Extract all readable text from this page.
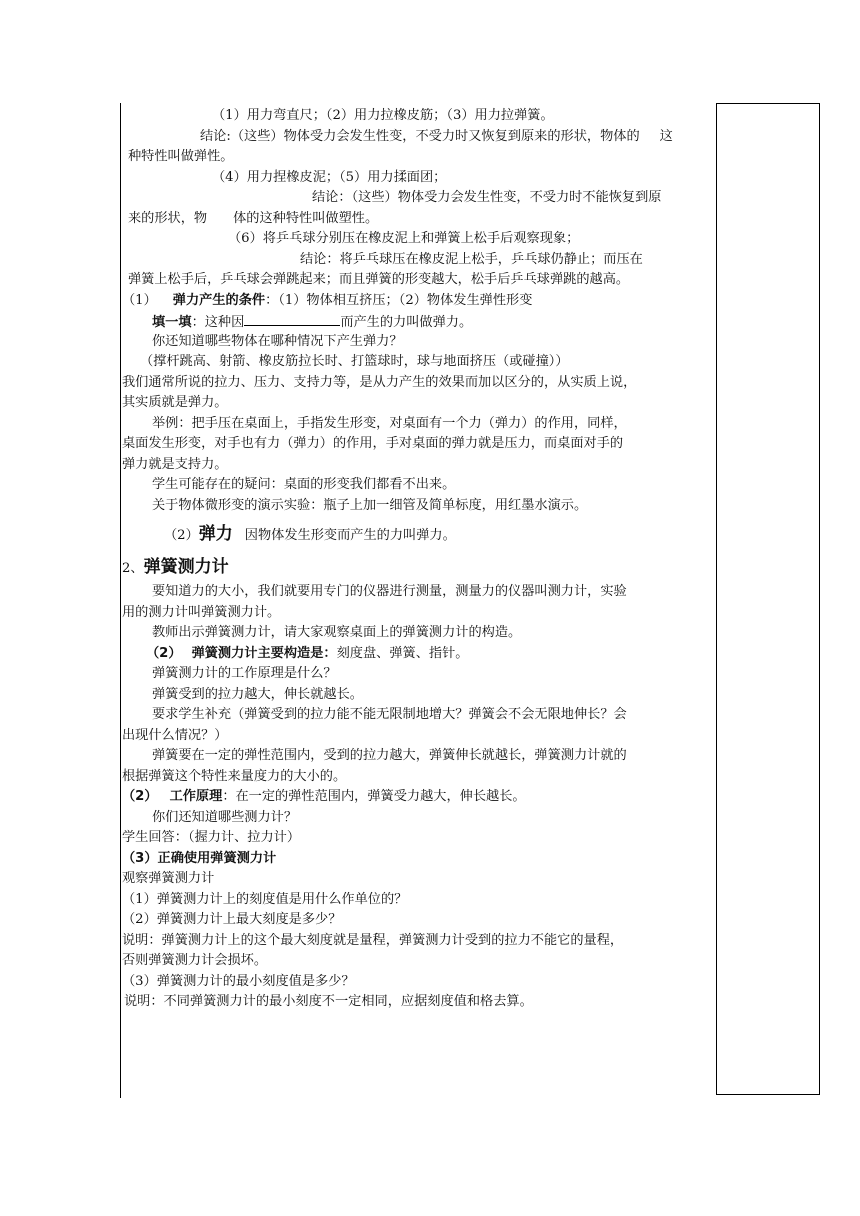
（1）用力弯直尺；（2）用力拉橡皮筋；（3）用力拉弹簧。
结论:（这些）物体受力会发生性变，不受力时又恢复到原来的形状，物体的 这
种特性叫做弹性。
（4）用力捏橡皮泥；（5）用力揉面团；
结论：（这些）物体受力会发生性变，不受力时不能恢复到原
来的形状，物 体的这种特性叫做塑性。
（6）将乒乓球分别压在橡皮泥上和弹簧上松手后观察现象；
结论：将乒乓球压在橡皮泥上松手，乒乓球仍静止；而压在
弹簧上松手后，乒乓球会弹跳起来；而且弹簧的形变越大，松手后乒乓球弹跳的越高。
（1） 弹力产生的条件：（1）物体相互挤压；（2）物体发生弹性形变
填一填：这种因	而产生的力叫做弹力。
你还知道哪些物体在哪种情况下产生弹力？
（撑杆跳高、射箭、橡皮筋拉长时、打篮球时，球与地面挤压（或碰撞））
我们通常所说的拉力、压力、支持力等，是从力产生的效果而加以区分的，从实质上说，
其实质就是弹力。
举例：把手压在桌面上，手指发生形变，对桌面有一个力（弹力）的作用，同样，
桌面发生形变，对手也有力（弹力）的作用，手对桌面的弹力就是压力，而桌面对手的
弹力就是支持力。
学生可能存在的疑问：桌面的形变我们都看不出来。
关于物体微形变的演示实验：瓶子上加一细管及简单标度，用红墨水演示。
（2）弹力 因物体发生形变而产生的力叫弹力。
2、弹簧测力计
要知道力的大小，我们就要用专门的仪器进行测量，测量力的仪器叫测力计，实验
用的测力计叫弹簧测力计。
教师出示弹簧测力计，请大家观察桌面上的弹簧测力计的构造。
（2） 弹簧测力计主要构造是：刻度盘、弹簧、指针。
弹簧测力计的工作原理是什么？
弹簧受到的拉力越大，伸长就越长。
要求学生补充（弹簧受到的拉力能不能无限制地增大？弹簧会不会无限地伸长？会
出现什么情况？）
弹簧要在一定的弹性范围内，受到的拉力越大，弹簧伸长就越长，弹簧测力计就的
根据弹簧这个特性来量度力的大小的。
（2） 工作原理：在一定的弹性范围内，弹簧受力越大，伸长越长。
你们还知道哪些测力计？
学生回答：（握力计、拉力计）
（3）正确使用弹簧测力计
观察弹簧测力计
（1）弹簧测力计上的刻度值是用什么作单位的？
（2）弹簧测力计上最大刻度是多少？
说明：弹簧测力计上的这个最大刻度就是量程，弹簧测力计受到的拉力不能它的量程，
否则弹簧测力计会损坏。
（3）弹簧测力计的最小刻度值是多少？
说明：不同弹簧测力计的最小刻度不一定相同，应据刻度值和格去算。
